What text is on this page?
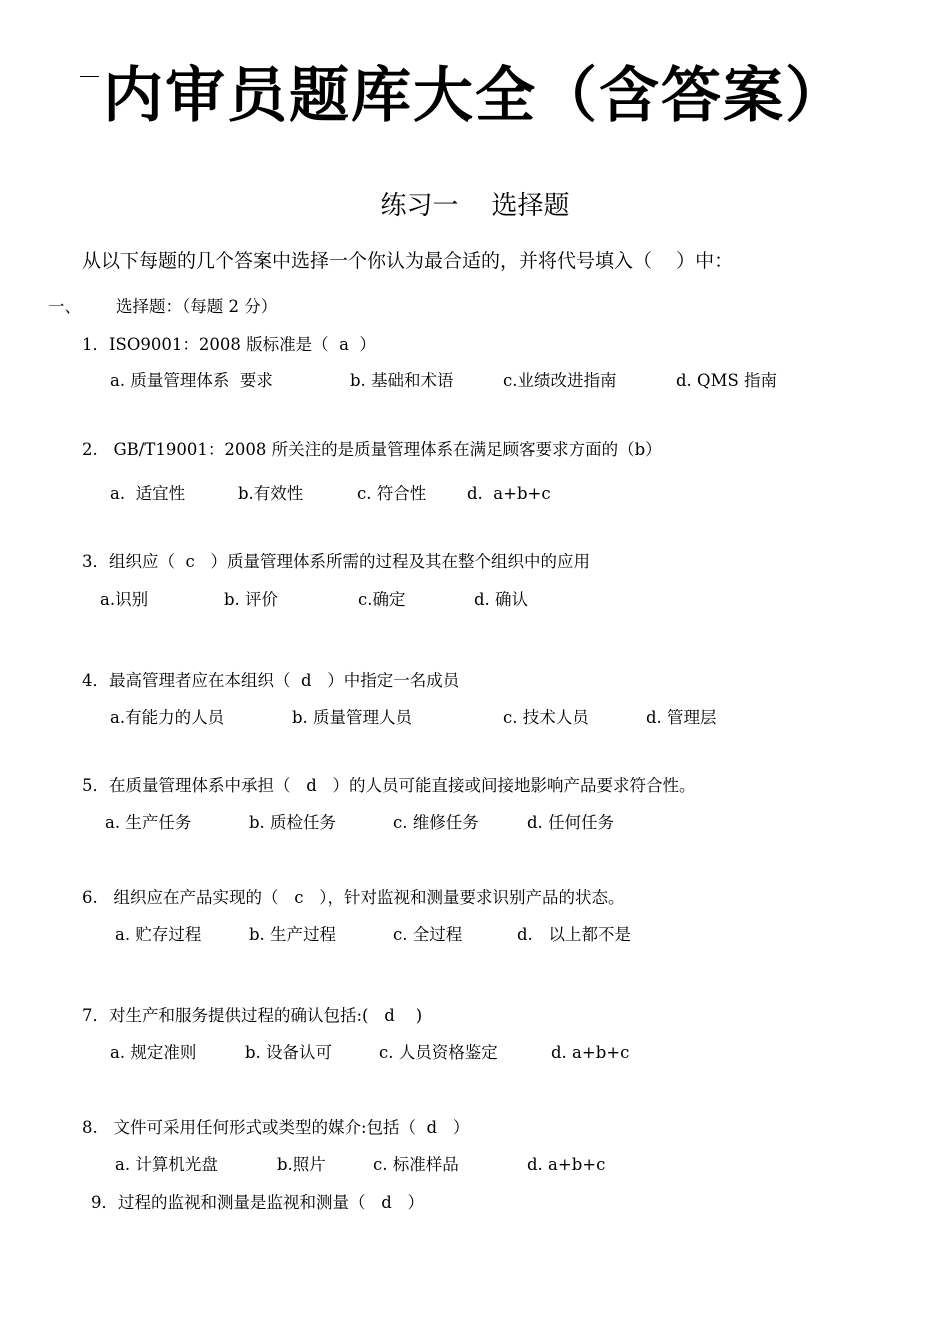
内审员题库大全（含答案）
练习一    选择题
从以下每题的几个答案中选择一个你认为最合适的，并将代号填入（    ）中：
一、 选择题：（每题 2 分）
1．ISO9001：2008 版标准是（  a  ）

a. 质量管理体系  要求

	b. 基础和术语

	c.业绩改进指南

	d. QMS 指南

2.   GB/T19001：2008 所关注的是质量管理体系在满足顾客要求方面的（b）

a.  适宜性

	b.有效性

	c. 符合性

d.  a+b+c

3．组织应（  c   ）质量管理体系所需的过程及其在整个组织中的应用

a.识别

	b. 评价

	c.确定

	d. 确认

4．最高管理者应在本组织（  d   ）中指定一名成员

a.有能力的人员

	b. 质量管理人员

	c. 技术人员

	d. 管理层

5．在质量管理体系中承担（   d   ）的人员可能直接或间接地影响产品要求符合性。

a. 生产任务

	b. 质检任务

	c. 维修任务

	d. 任何任务

6.   组织应在产品实现的（   c   ），针对监视和测量要求识别产品的状态。

a. 贮存过程

	b. 生产过程

	c. 全过程

	d.   以上都不是

7．对生产和服务提供过程的确认包括:(   d    )

a. 规定准则

	b. 设备认可

	c. 人员资格鉴定

	d. a+b+c

8.   文件可采用任何形式或类型的媒介:包括（  d   ）

a. 计算机光盘

	b.照片

	c. 标准样品

	d. a+b+c

9．过程的监视和测量是监视和测量（   d   ）
